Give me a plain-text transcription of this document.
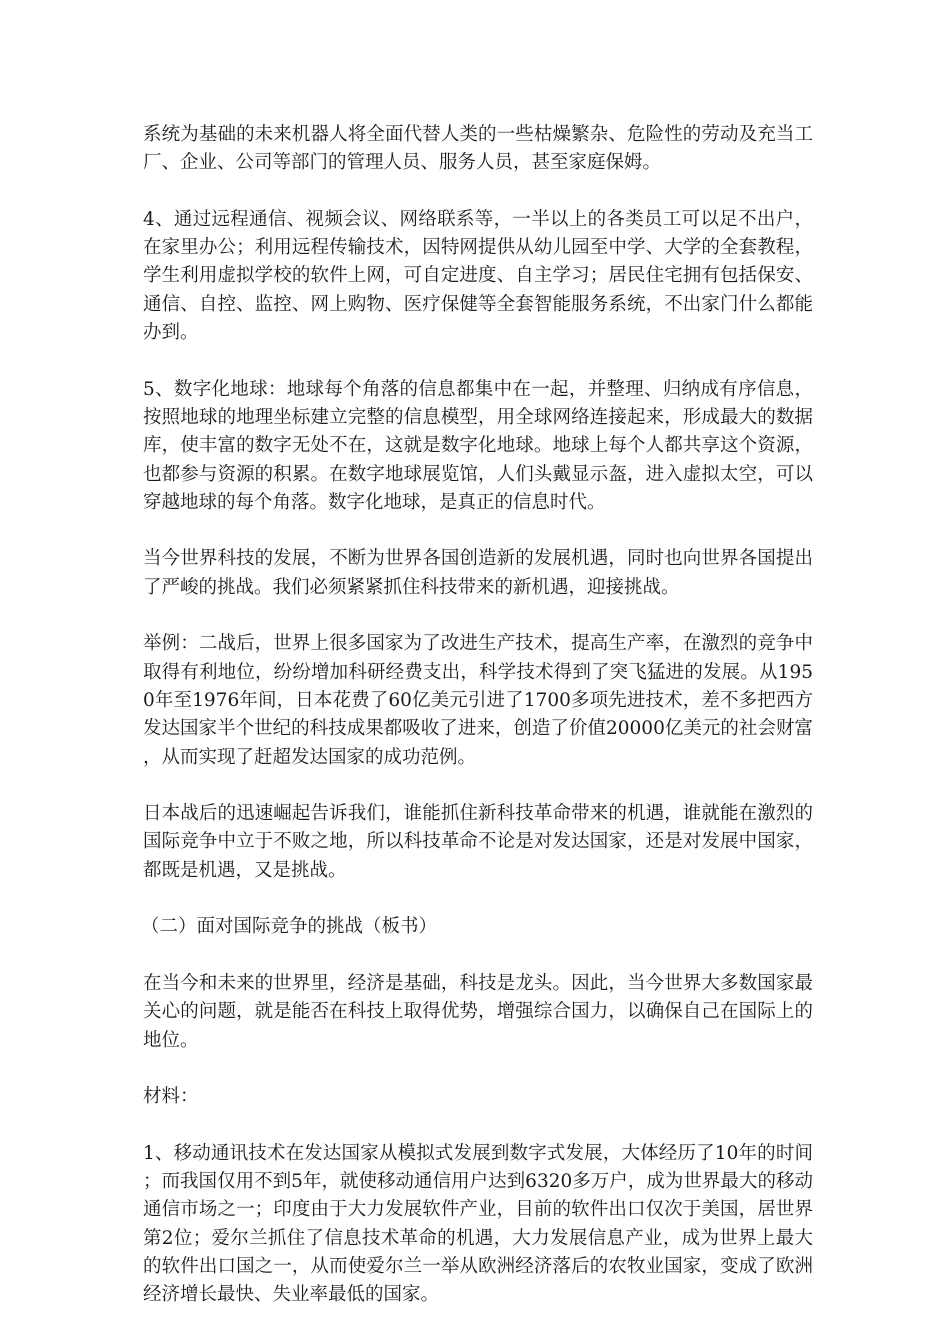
系统为基础的未来机器人将全面代替人类的一些枯燥繁杂、危险性的劳动及充当工厂、企业、公司等部门的管理人员、服务人员，甚至家庭保姆。

4、通过远程通信、视频会议、网络联系等，一半以上的各类员工可以足不出户，在家里办公；利用远程传输技术，因特网提供从幼儿园至中学、大学的全套教程，学生利用虚拟学校的软件上网，可自定进度、自主学习；居民住宅拥有包括保安、通信、自控、监控、网上购物、医疗保健等全套智能服务系统，不出家门什么都能办到。

5、数字化地球：地球每个角落的信息都集中在一起，并整理、归纳成有序信息，按照地球的地理坐标建立完整的信息模型，用全球网络连接起来，形成最大的数据库，使丰富的数字无处不在，这就是数字化地球。地球上每个人都共享这个资源，也都参与资源的积累。在数字地球展览馆，人们头戴显示盔，进入虚拟太空，可以穿越地球的每个角落。数字化地球，是真正的信息时代。

当今世界科技的发展，不断为世界各国创造新的发展机遇，同时也向世界各国提出了严峻的挑战。我们必须紧紧抓住科技带来的新机遇，迎接挑战。

举例：二战后，世界上很多国家为了改进生产技术，提高生产率，在激烈的竞争中取得有利地位，纷纷增加科研经费支出，科学技术得到了突飞猛进的发展。从1950年至1976年间，日本花费了60亿美元引进了1700多项先进技术，差不多把西方发达国家半个世纪的科技成果都吸收了进来，创造了价值20000亿美元的社会财富，从而实现了赶超发达国家的成功范例。

日本战后的迅速崛起告诉我们，谁能抓住新科技革命带来的机遇，谁就能在激烈的国际竞争中立于不败之地，所以科技革命不论是对发达国家，还是对发展中国家，都既是机遇，又是挑战。

（二）面对国际竞争的挑战（板书）

在当今和未来的世界里，经济是基础，科技是龙头。因此，当今世界大多数国家最关心的问题，就是能否在科技上取得优势，增强综合国力，以确保自己在国际上的地位。

材料：

1、移动通讯技术在发达国家从模拟式发展到数字式发展，大体经历了10年的时间；而我国仅用不到5年，就使移动通信用户达到6320多万户，成为世界最大的移动通信市场之一；印度由于大力发展软件产业，目前的软件出口仅次于美国，居世界第2位；爱尔兰抓住了信息技术革命的机遇，大力发展信息产业，成为世界上最大的软件出口国之一，从而使爱尔兰一举从欧洲经济落后的农牧业国家，变成了欧洲经济增长最快、失业率最低的国家。
